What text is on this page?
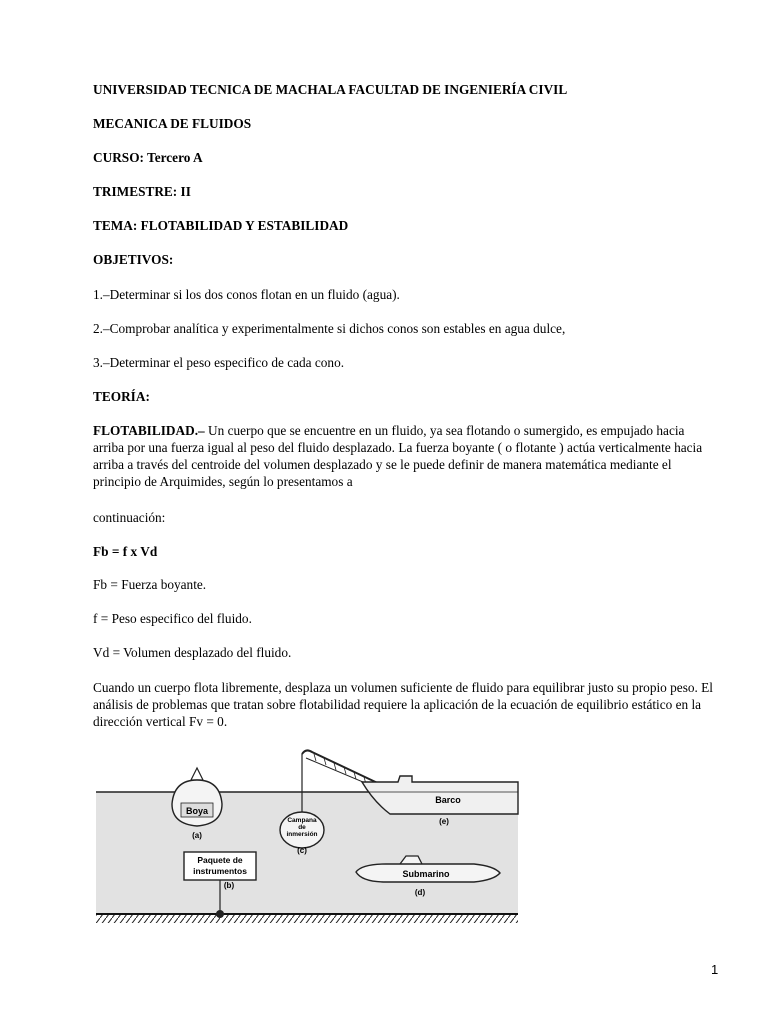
UNIVERSIDAD TECNICA DE MACHALA FACULTAD DE INGENIERÍA CIVIL
MECANICA DE FLUIDOS
CURSO: Tercero A
TRIMESTRE: II
TEMA: FLOTABILIDAD Y ESTABILIDAD
OBJETIVOS:
1.–Determinar si los dos conos flotan en un fluido (agua).
2.–Comprobar analítica y experimentalmente si dichos conos son estables en agua dulce,
3.–Determinar el peso especifico de cada cono.
TEORÍA:
FLOTABILIDAD.– Un cuerpo que se encuentre en un fluido, ya sea flotando o sumergido, es empujado hacia arriba por una fuerza igual al peso del fluido desplazado. La fuerza boyante ( o flotante ) actúa verticalmente hacia arriba a través del centroide del volumen desplazado y se le puede definir de manera matemática mediante el principio de Arquimides, según lo presentamos a
continuación:
Fb = f x Vd
Fb = Fuerza boyante.
f = Peso especifico del fluido.
Vd = Volumen desplazado del fluido.
Cuando un cuerpo flota libremente, desplaza un volumen suficiente de fluido para equilibrar justo su propio peso. El análisis de problemas que tratan sobre flotabilidad requiere la aplicación de la ecuación de equilibrio estático en la dirección vertical Fv = 0.
Boya
(a)
Paquete de
instrumentos
(b)
Campana
de
inmersión
(c)
Barco
(e)
Submarino
(d)
1
